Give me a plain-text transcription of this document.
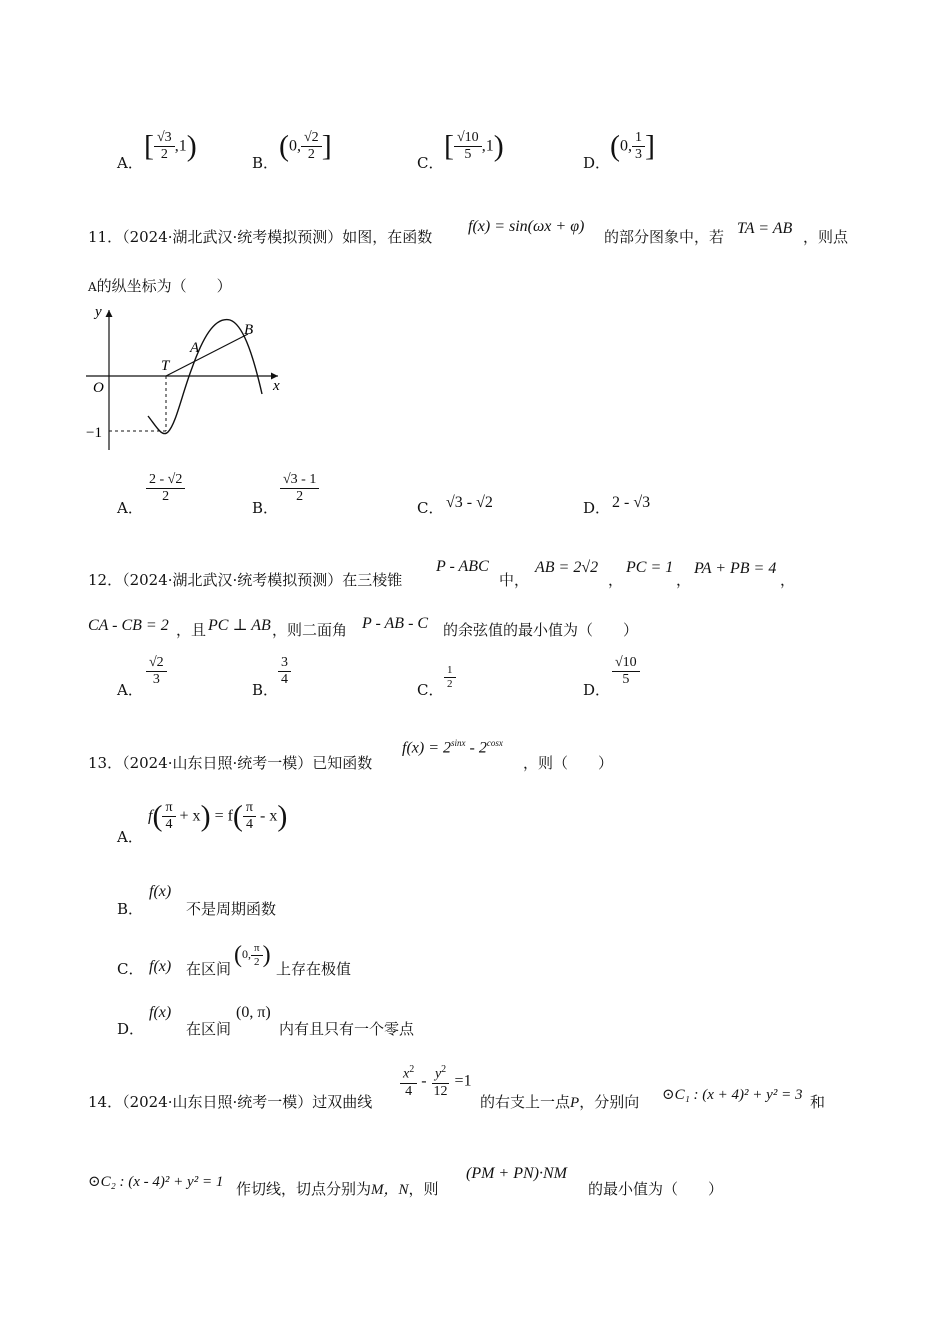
A．
[ $\frac{√3}{2} ,1$)
B．
(0, $\frac{√2}{2}$ ]
C．
[ $\frac{√10}{5} ,1$)
D．
(0, $\frac{1}{3}$ ]
11．（2024·湖北武汉·统考模拟预测）如图，在函数
f(x) = sin(ωx + φ)
的部分图象中，若 TA = AB ，则点
A的纵坐标为（　　）
y
x
O
−1
T
A
B
A．
$\frac{2 - √2}{2}$
B．
$\frac{√3 - 1}{2}$
C． √3 - √2	D． 2 - √3
12．（2024·湖北武汉·统考模拟预测）在三棱锥
P - ABC
中，
AB = 2√2
，
PC = 1
，
PA + PB = 4
，
CA - CB = 2 ，且 PC ⊥ AB ，则二面角 P - AB - C 的余弦值的最小值为（　　）
A．
$\frac{√2}{3}$
B．
$\frac{3}{4}$
C． $\frac{1}{2}$	D．
$\frac{√10}{5}$
13．（2024·山东日照·统考一模）已知函数
$f(x) = 2^{sinx} - 2^{cosx}$
，则（　　）
A．
$f( \frac{\pi}{4} + x) = f( \frac{\pi}{4} - x)$
B．
f(x)
不是周期函数
C． f(x) 在区间
(0, $\frac{\pi}{2}$ )
上存在极值
D．
f(x)
在区间
(0, π)
内有且只有一个零点
14．（2024·山东日照·统考一模）过双曲线
$\frac{x^2}{4} - \frac{y^2}{12} =1$
的右支上一点P，分别向 ⊙C₁ : (x + 4)² + y² = 3 和
⊙C₂ : (x - 4)² + y² = 1 作切线，切点分别为M，N，则
(PM + PN)·NM
的最小值为（　　）
